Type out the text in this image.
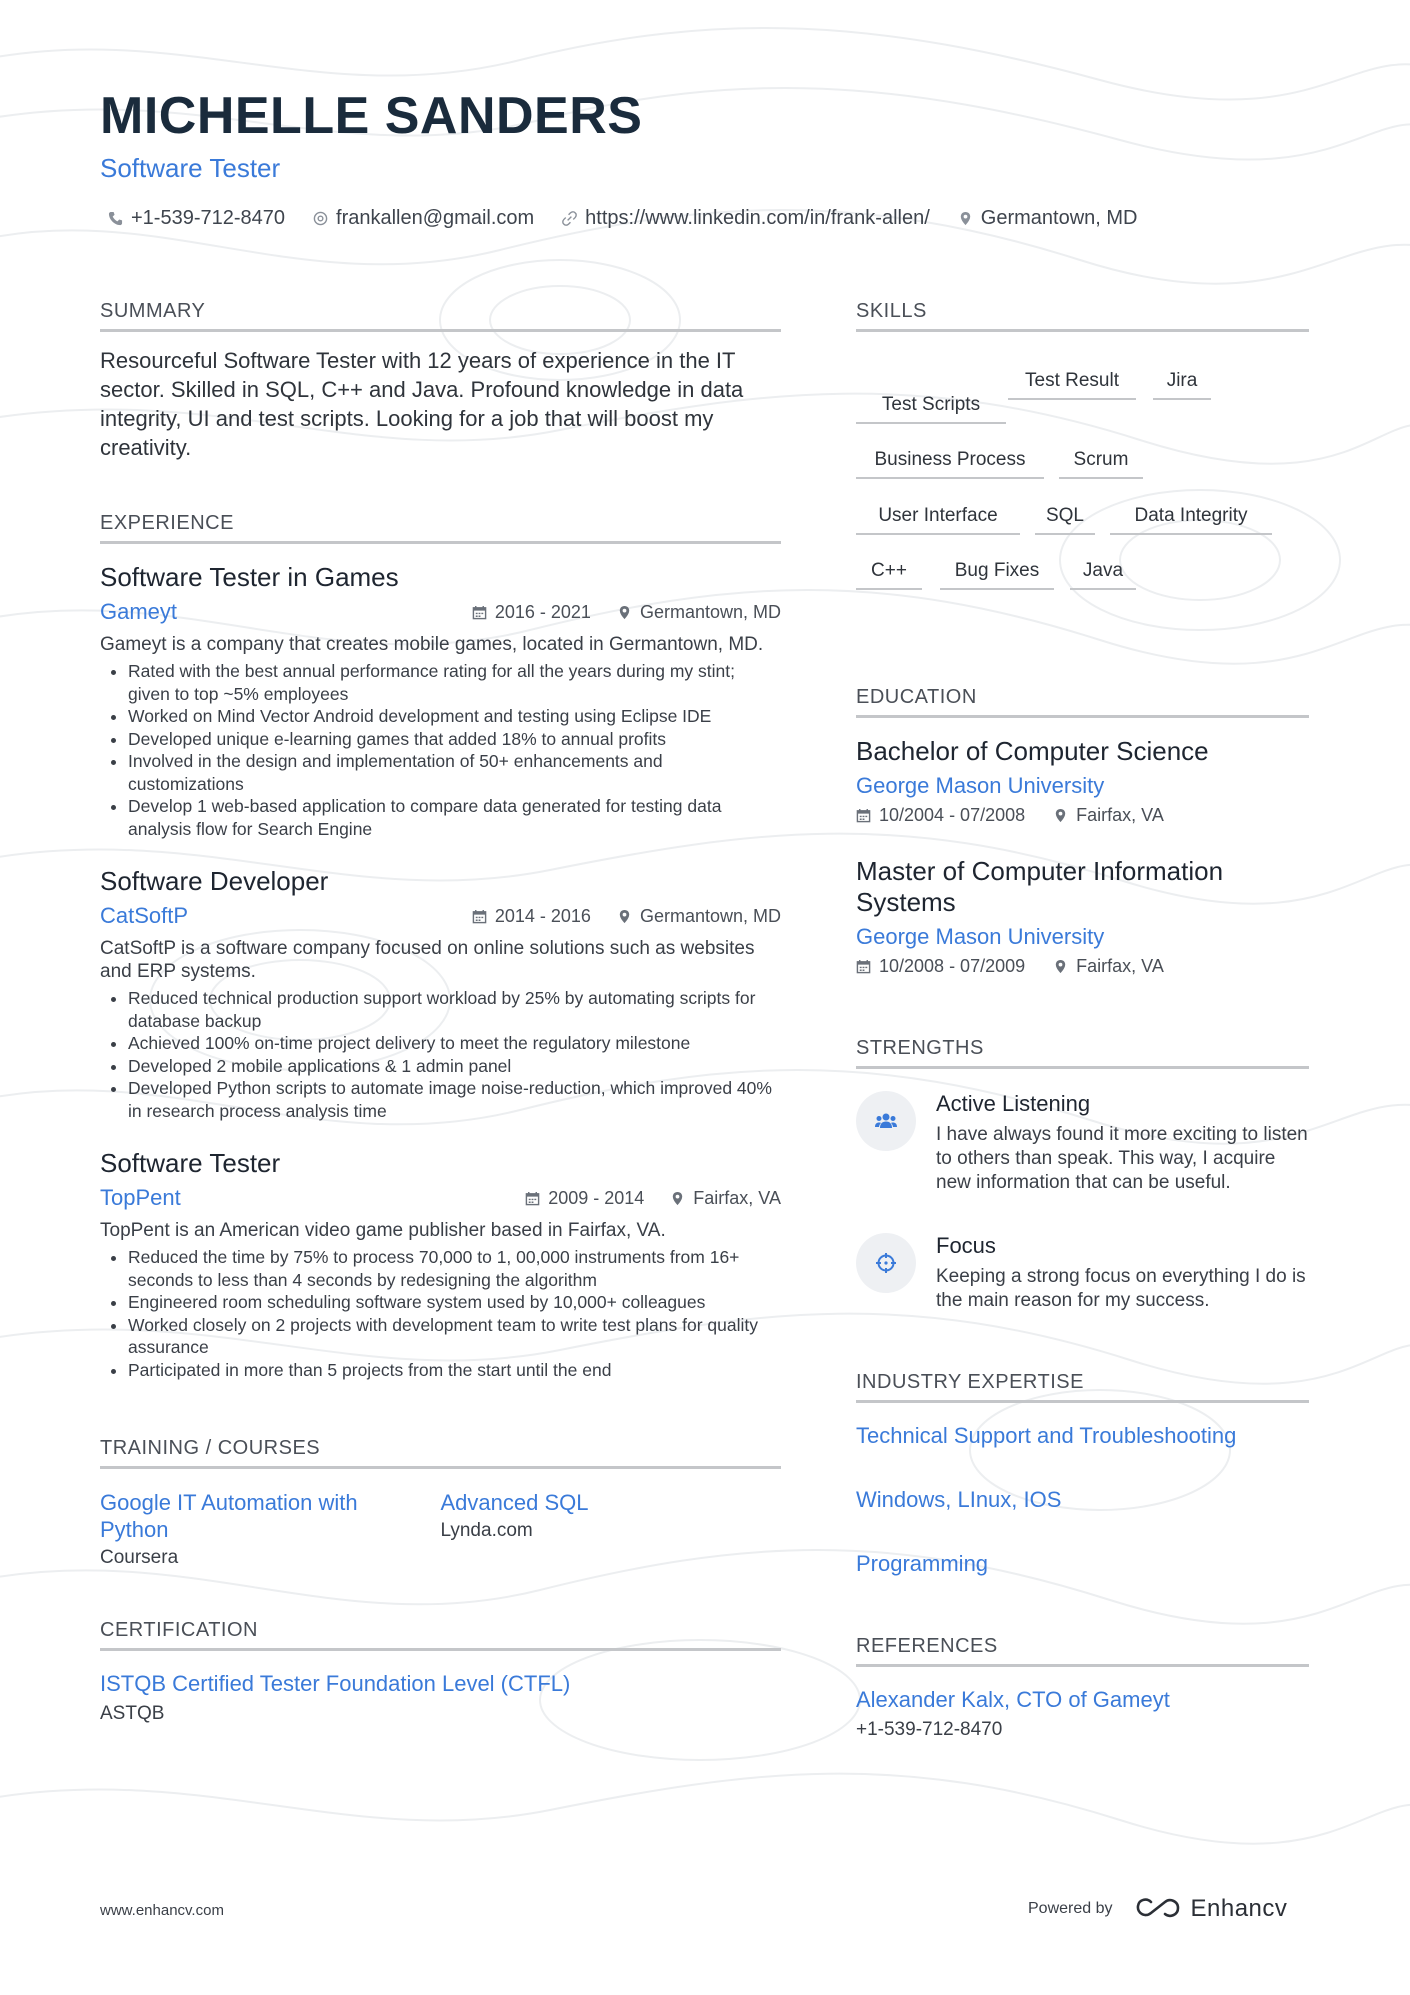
MICHELLE SANDERS
Software Tester
+1-539-712-8470	frankallen@gmail.com	https://www.linkedin.com/in/frank-allen/	Germantown, MD
SUMMARY
Resourceful Software Tester with 12 years of experience in the IT sector. Skilled in SQL, C++ and Java. Profound knowledge in data integrity, UI and test scripts. Looking for a job that will boost my creativity.
EXPERIENCE
Software Tester in Games
Gameyt	2016 - 2021	Germantown, MD
Gameyt is a company that creates mobile games, located in Germantown, MD.
• Rated with the best annual performance rating for all the years during my stint; given to top ~5% employees
• Worked on Mind Vector Android development and testing using Eclipse IDE
• Developed unique e-learning games that added 18% to annual profits
• Involved in the design and implementation of 50+ enhancements and customizations
• Develop 1 web-based application to compare data generated for testing data analysis flow for Search Engine
Software Developer
CatSoftP	2014 - 2016	Germantown, MD
CatSoftP is a software company focused on online solutions such as websites and ERP systems.
• Reduced technical production support workload by 25% by automating scripts for database backup
• Achieved 100% on-time project delivery to meet the regulatory milestone
• Developed 2 mobile applications & 1 admin panel
• Developed Python scripts to automate image noise-reduction, which improved 40% in research process analysis time
Software Tester
TopPent	2009 - 2014	Fairfax, VA
TopPent is an American video game publisher based in Fairfax, VA.
• Reduced the time by 75% to process 70,000 to 1, 00,000 instruments from 16+ seconds to less than 4 seconds by redesigning the algorithm
• Engineered room scheduling software system used by 10,000+ colleagues
• Worked closely on 2 projects with development team to write test plans for quality assurance
• Participated in more than 5 projects from the start until the end
TRAINING / COURSES
Google IT Automation with Python
Coursera
Advanced SQL
Lynda.com
CERTIFICATION
ISTQB Certified Tester Foundation Level (CTFL)
ASTQB
SKILLS
Test Scripts
Test Result	Jira
Business Process	Scrum
User Interface	SQL	Data Integrity
C++	Bug Fixes	Java
EDUCATION
Bachelor of Computer Science
George Mason University
10/2004 - 07/2008	Fairfax, VA
Master of Computer Information Systems
George Mason University
10/2008 - 07/2009	Fairfax, VA
STRENGTHS
Active Listening
I have always found it more exciting to listen to others than speak. This way, I acquire new information that can be useful.
Focus
Keeping a strong focus on everything I do is the main reason for my success.
INDUSTRY EXPERTISE
Technical Support and Troubleshooting
Windows, LInux, IOS
Programming
REFERENCES
Alexander Kalx, CTO of Gameyt
+1-539-712-8470
www.enhancv.com	Powered by	Enhancv
